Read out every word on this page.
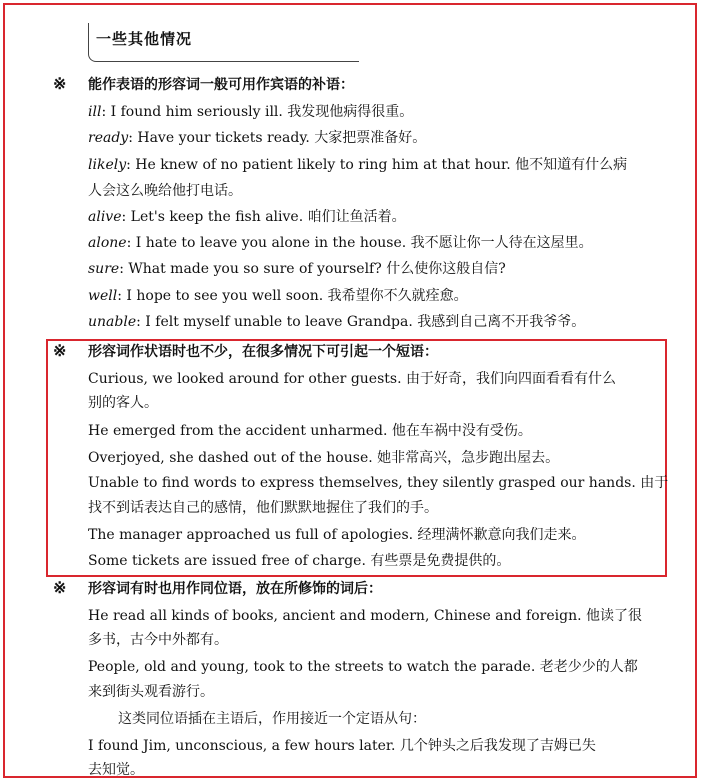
一些其他情况
※ 能作表语的形容词一般可用作宾语的补语：
ill: I found him seriously ill. 我发现他病得很重。
ready: Have your tickets ready. 大家把票准备好。
likely: He knew of no patient likely to ring him at that hour. 他不知道有什么病
人会这么晚给他打电话。
alive: Let's keep the fish alive. 咱们让鱼活着。
alone: I hate to leave you alone in the house. 我不愿让你一人待在这屋里。
sure: What made you so sure of yourself? 什么使你这般自信?
well: I hope to see you well soon. 我希望你不久就痊愈。
unable: I felt myself unable to leave Grandpa. 我感到自己离不开我爷爷。
※ 形容词作状语时也不少，在很多情况下可引起一个短语：
Curious, we looked around for other guests. 由于好奇，我们向四面看看有什么
别的客人。
He emerged from the accident unharmed. 他在车祸中没有受伤。
Overjoyed, she dashed out of the house. 她非常高兴，急步跑出屋去。
Unable to find words to express themselves, they silently grasped our hands. 由于
找不到话表达自己的感情，他们默默地握住了我们的手。
The manager approached us full of apologies. 经理满怀歉意向我们走来。
Some tickets are issued free of charge. 有些票是免费提供的。
※ 形容词有时也用作同位语，放在所修饰的词后：
He read all kinds of books, ancient and modern, Chinese and foreign. 他读了很
多书，古今中外都有。
People, old and young, took to the streets to watch the parade. 老老少少的人都
来到街头观看游行。
这类同位语插在主语后，作用接近一个定语从句：
I found Jim, unconscious, a few hours later. 几个钟头之后我发现了吉姆已失
去知觉。
